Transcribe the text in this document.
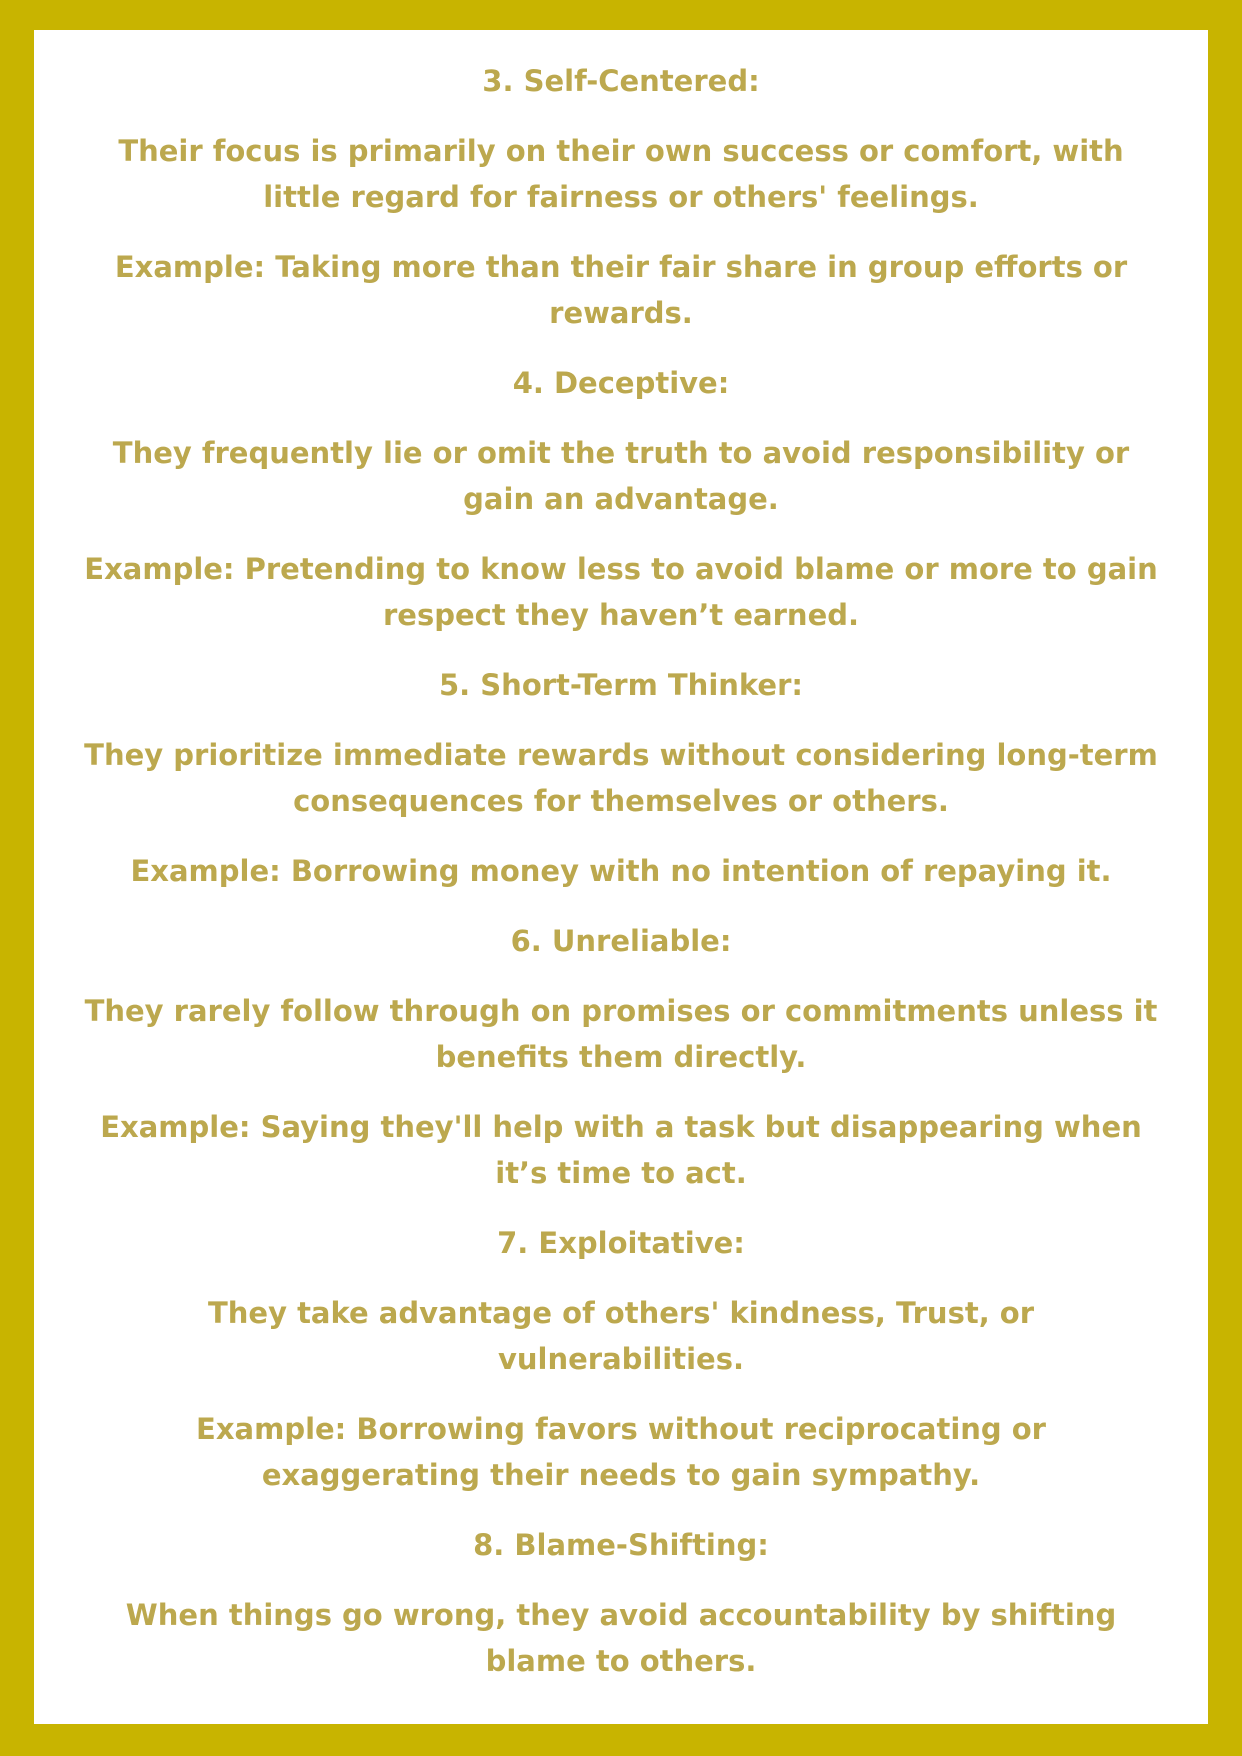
3. Self-Centered:

Their focus is primarily on their own success or comfort, with little regard for fairness or others' feelings.

Example: Taking more than their fair share in group efforts or rewards.

4. Deceptive:

They frequently lie or omit the truth to avoid responsibility or gain an advantage.

Example: Pretending to know less to avoid blame or more to gain respect they haven’t earned.

5. Short-Term Thinker:

They prioritize immediate rewards without considering long-term consequences for themselves or others.

Example: Borrowing money with no intention of repaying it.

6. Unreliable:

They rarely follow through on promises or commitments unless it benefits them directly.

Example: Saying they'll help with a task but disappearing when it’s time to act.

7. Exploitative:

They take advantage of others' kindness, Trust, or vulnerabilities.

Example: Borrowing favors without reciprocating or exaggerating their needs to gain sympathy.

8. Blame-Shifting:

When things go wrong, they avoid accountability by shifting blame to others.
